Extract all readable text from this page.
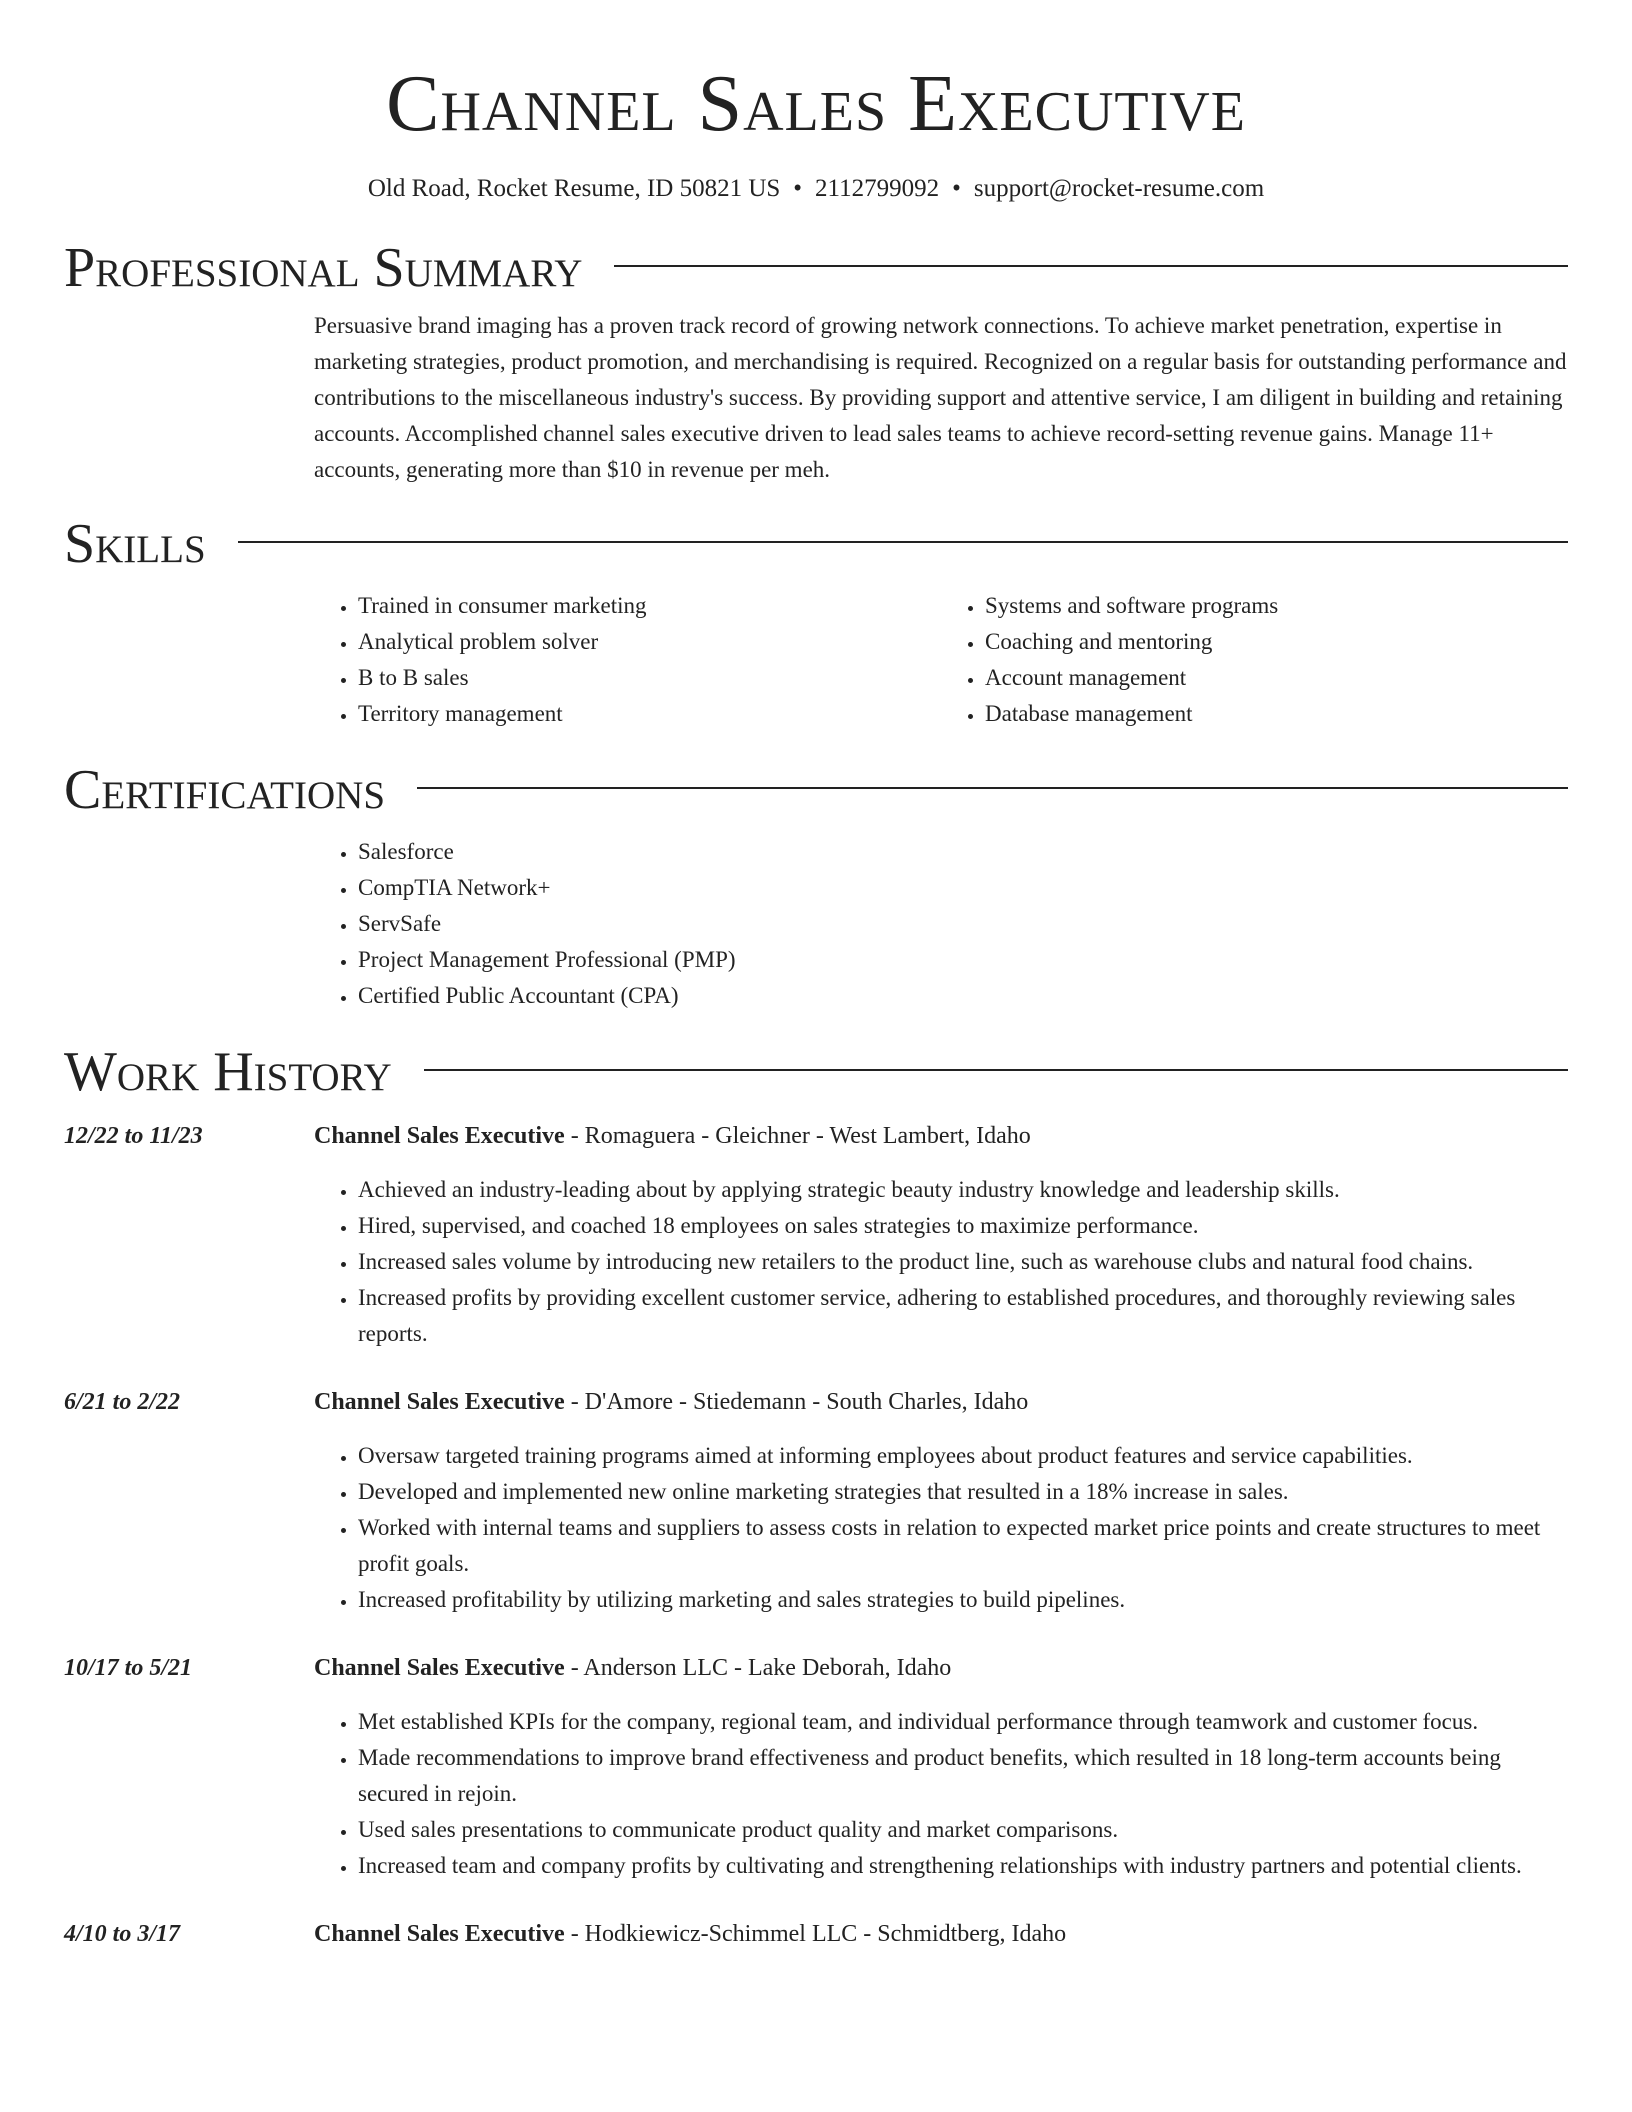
Channel Sales Executive
Old Road, Rocket Resume, ID 50821 US • 2112799092 • support@rocket-resume.com
Professional Summary

Persuasive brand imaging has a proven track record of growing network connections. To achieve market penetration, expertise in marketing strategies, product promotion, and merchandising is required. Recognized on a regular basis for outstanding performance and contributions to the miscellaneous industry's success. By providing support and attentive service, I am diligent in building and retaining accounts. Accomplished channel sales executive driven to lead sales teams to achieve record-setting revenue gains. Manage 11+ accounts, generating more than $10 in revenue per meh.

Skills
• Trained in consumer marketing
• Analytical problem solver
• B to B sales
• Territory management
• Systems and software programs
• Coaching and mentoring
• Account management
• Database management
Certifications
• Salesforce
• CompTIA Network+
• ServSafe
• Project Management Professional (PMP)
• Certified Public Accountant (CPA)
Work History
12/22 to 11/23	Channel Sales Executive - Romaguera - Gleichner - West Lambert, Idaho
• Achieved an industry-leading about by applying strategic beauty industry knowledge and leadership skills.
• Hired, supervised, and coached 18 employees on sales strategies to maximize performance.
• Increased sales volume by introducing new retailers to the product line, such as warehouse clubs and natural food chains.
• Increased profits by providing excellent customer service, adhering to established procedures, and thoroughly reviewing sales reports.
6/21 to 2/22	Channel Sales Executive - D'Amore - Stiedemann - South Charles, Idaho
• Oversaw targeted training programs aimed at informing employees about product features and service capabilities.
• Developed and implemented new online marketing strategies that resulted in a 18% increase in sales.
• Worked with internal teams and suppliers to assess costs in relation to expected market price points and create structures to meet profit goals.
• Increased profitability by utilizing marketing and sales strategies to build pipelines.
10/17 to 5/21	Channel Sales Executive - Anderson LLC - Lake Deborah, Idaho
• Met established KPIs for the company, regional team, and individual performance through teamwork and customer focus.
• Made recommendations to improve brand effectiveness and product benefits, which resulted in 18 long-term accounts being secured in rejoin.
• Used sales presentations to communicate product quality and market comparisons.
• Increased team and company profits by cultivating and strengthening relationships with industry partners and potential clients.
4/10 to 3/17	Channel Sales Executive - Hodkiewicz-Schimmel LLC - Schmidtberg, Idaho
